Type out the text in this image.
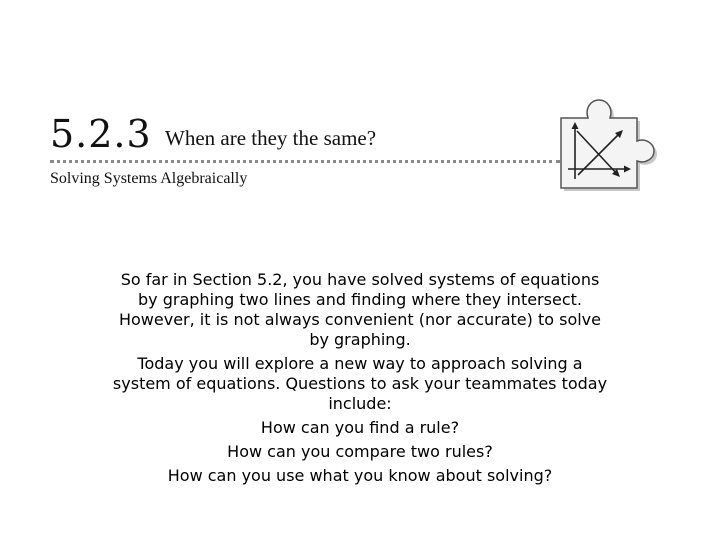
5.2.3 When are they the same?
Solving Systems Algebraically

So far in Section 5.2, you have solved systems of equations by graphing two lines and finding where they intersect. However, it is not always convenient (nor accurate) to solve by graphing.

Today you will explore a new way to approach solving a system of equations. Questions to ask your teammates today include:

How can you find a rule?

How can you compare two rules?

How can you use what you know about solving?
